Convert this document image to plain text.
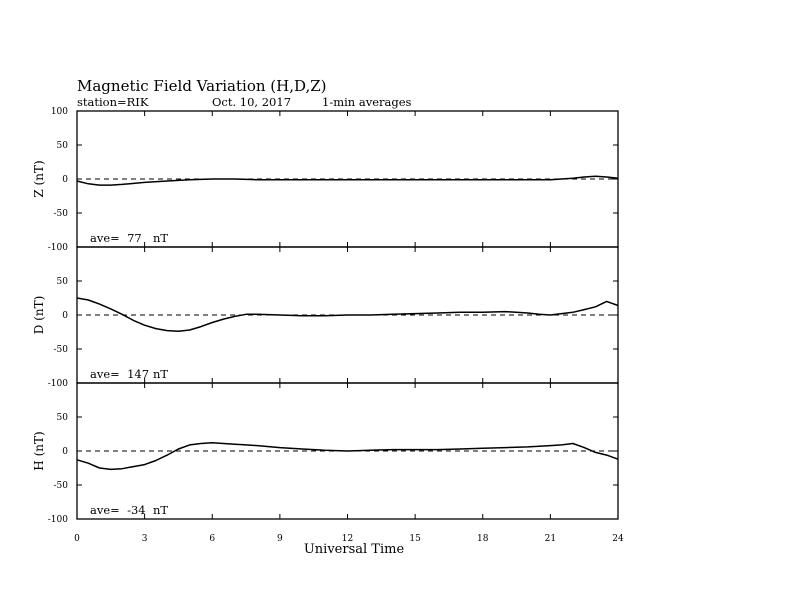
Magnetic Field Variation (H,D,Z)
station=RIK	Oct. 10, 2017	1-min averages
100
50
0
-50
-100
Z (nT)
ave=  77 nT
50
0
-50
-100
D (nT)
ave=  147 nT
50
0
-50
-100
H (nT)
ave=  -34 nT
0	3	6	9	12	15	18	21	24
Universal Time
